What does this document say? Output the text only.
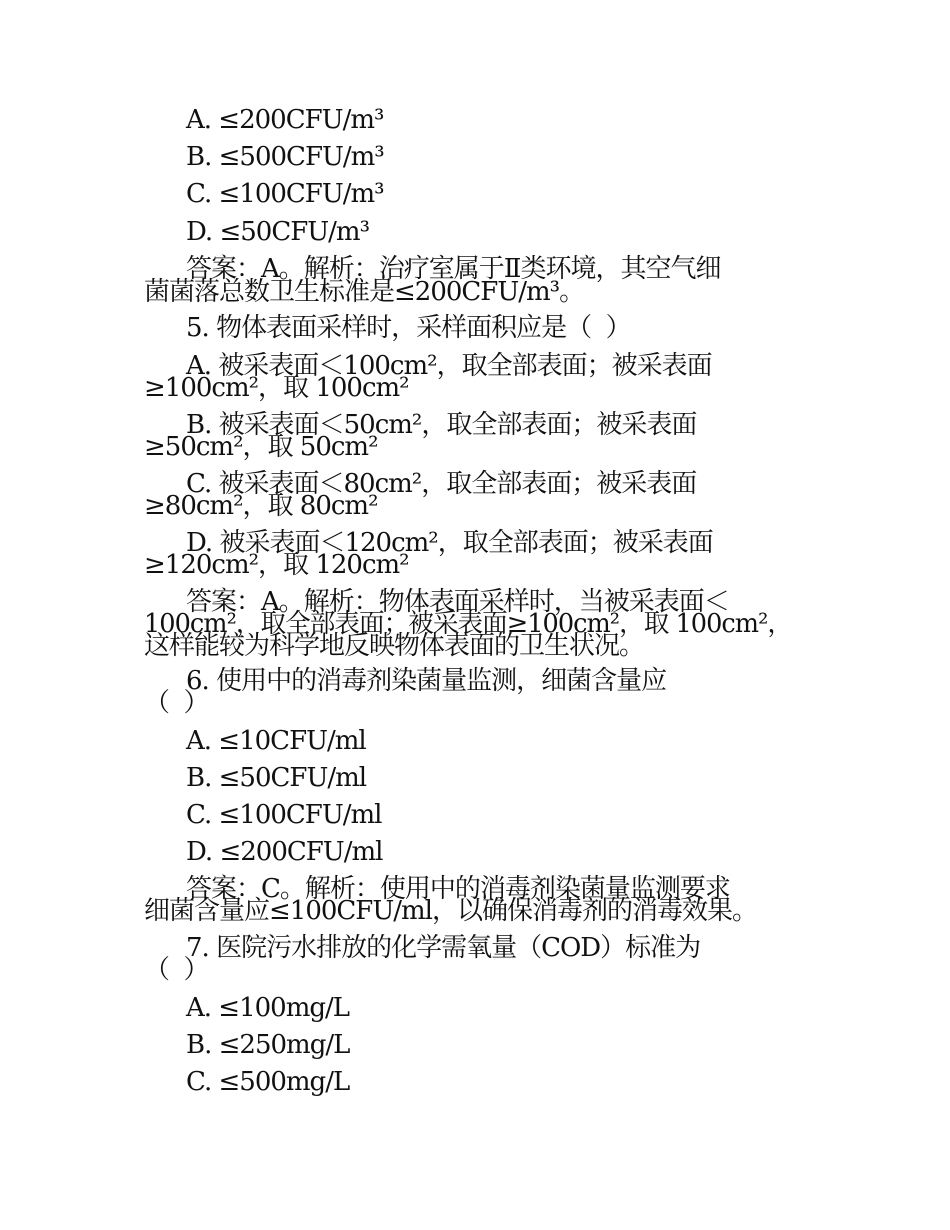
A. ≤200CFU/m³
B. ≤500CFU/m³
C. ≤100CFU/m³
D. ≤50CFU/m³
答案：A。解析：治疗室属于Ⅱ类环境，其空气细
菌菌落总数卫生标准是≤200CFU/m³。
5. 物体表面采样时，采样面积应是（  ）
A. 被采表面＜100cm²，取全部表面；被采表面
≥100cm²，取 100cm²
B. 被采表面＜50cm²，取全部表面；被采表面
≥50cm²，取 50cm²
C. 被采表面＜80cm²，取全部表面；被采表面
≥80cm²，取 80cm²
D. 被采表面＜120cm²，取全部表面；被采表面
≥120cm²，取 120cm²
答案：A。解析：物体表面采样时，当被采表面＜
100cm²，取全部表面；被采表面≥100cm²，取 100cm²，
这样能较为科学地反映物体表面的卫生状况。
6. 使用中的消毒剂染菌量监测，细菌含量应
（  ）
A. ≤10CFU/ml
B. ≤50CFU/ml
C. ≤100CFU/ml
D. ≤200CFU/ml
答案：C。解析：使用中的消毒剂染菌量监测要求
细菌含量应≤100CFU/ml，以确保消毒剂的消毒效果。
7. 医院污水排放的化学需氧量（COD）标准为
（  ）
A. ≤100mg/L
B. ≤250mg/L
C. ≤500mg/L
